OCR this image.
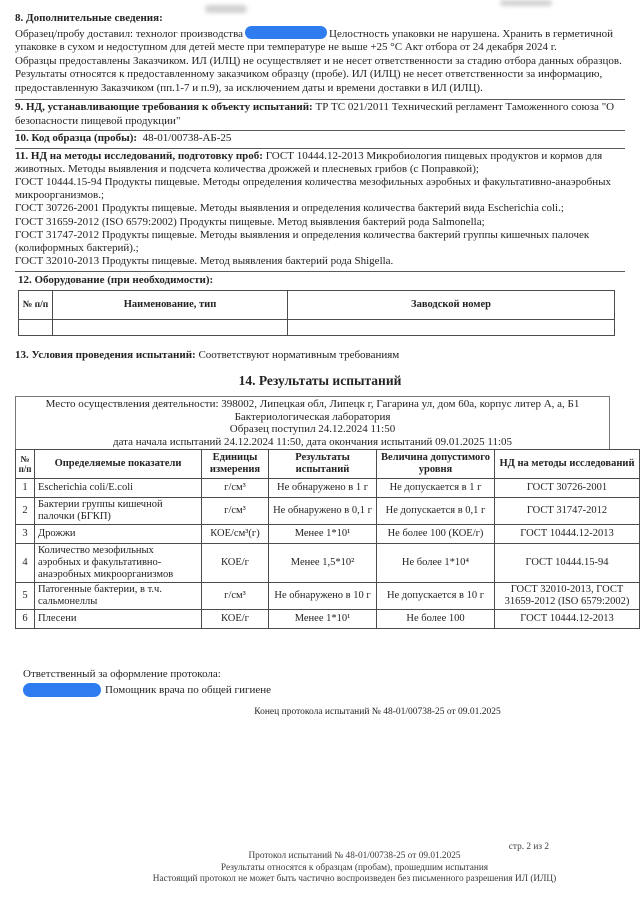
8. Дополнительные сведения:

Образец/пробу доставил: технолог производства	Целостность упаковки не нарушена. Хранить в герметичной упаковке в сухом и недоступном для детей месте при температуре не выше +25 °С Акт отбора от 24 декабря 2024 г.

Образцы предоставлены Заказчиком. ИЛ (ИЛЦ) не осуществляет и не несет ответственности за стадию отбора данных образцов. Результаты относятся к предоставленному заказчиком образцу (пробе). ИЛ (ИЛЦ) не несет ответственности за информацию, предоставленную Заказчиком (пп.1-7 и п.9), за исключением даты и времени доставки в ИЛ (ИЛЦ).

9. НД, устанавливающие требования к объекту испытаний: ТР ТС 021/2011 Технический регламент Таможенного союза "О безопасности пищевой продукции"

10. Код образца (пробы): 48-01/00738-АБ-25

11. НД на методы исследований, подготовку проб: ГОСТ 10444.12-2013 Микробиология пищевых продуктов и кормов для животных. Методы выявления и подсчета количества дрожжей и плесневых грибов (с Поправкой);

ГОСТ 10444.15-94 Продукты пищевые. Методы определения количества мезофильных аэробных и факультативно-анаэробных микроорганизмов.;

ГОСТ 30726-2001 Продукты пищевые. Методы выявления и определения количества бактерий вида Escherichia coli.;

ГОСТ 31659-2012 (ISO 6579:2002) Продукты пищевые. Метод выявления бактерий рода Salmonella;

ГОСТ 31747-2012 Продукты пищевые. Методы выявления и определения количества бактерий группы кишечных палочек (колиформных бактерий).;

ГОСТ 32010-2013 Продукты пищевые. Метод выявления бактерий рода Shigella.

12. Оборудование (при необходимости):

№ п/п	Наименование, тип	Заводской номер

13. Условия проведения испытаний: Соответствуют нормативным требованиям

14. Результаты испытаний
Место осуществления деятельности: 398002, Липецкая обл, Липецк г, Гагарина ул, дом 60а, корпус литер А, а, Б1
Бактериологическая лаборатория
Образец поступил 24.12.2024 11:50
дата начала испытаний 24.12.2024 11:50, дата окончания испытаний 09.01.2025 11:05
№ п/п	Определяемые показатели	Единицы измерения	Результаты испытаний	Величина допустимого уровня	НД на методы исследований
1	Escherichia coli/E.coli	г/см³	Не обнаружено в 1 г	Не допускается в 1 г	ГОСТ 30726-2001
2	Бактерии группы кишечной палочки (БГКП)	г/см³	Не обнаружено в 0,1 г	Не допускается в 0,1 г	ГОСТ 31747-2012
3	Дрожжи	КОЕ/см³(г)	Менее 1*10¹	Не более 100 (КОЕ/г)	ГОСТ 10444.12-2013
4	Количество мезофильных аэробных и факультативно-анаэробных микроорганизмов	КОЕ/г	Менее 1,5*10²	Не более 1*10⁴	ГОСТ 10444.15-94
5	Патогенные бактерии, в т.ч. сальмонеллы	г/см³	Не обнаружено в 10 г	Не допускается в 10 г	ГОСТ 32010-2013, ГОСТ 31659-2012 (ISO 6579:2002)
6	Плесени	КОЕ/г	Менее 1*10¹	Не более 100	ГОСТ 10444.12-2013

Ответственный за оформление протокола:

Помощник врача по общей гигиене
Конец протокола испытаний № 48-01/00738-25 от 09.01.2025
стр. 2 из 2
Протокол испытаний № 48-01/00738-25 от 09.01.2025
Результаты относятся к образцам (пробам), прошедшим испытания
Настоящий протокол не может быть частично воспроизведен без письменного разрешения ИЛ (ИЛЦ)
